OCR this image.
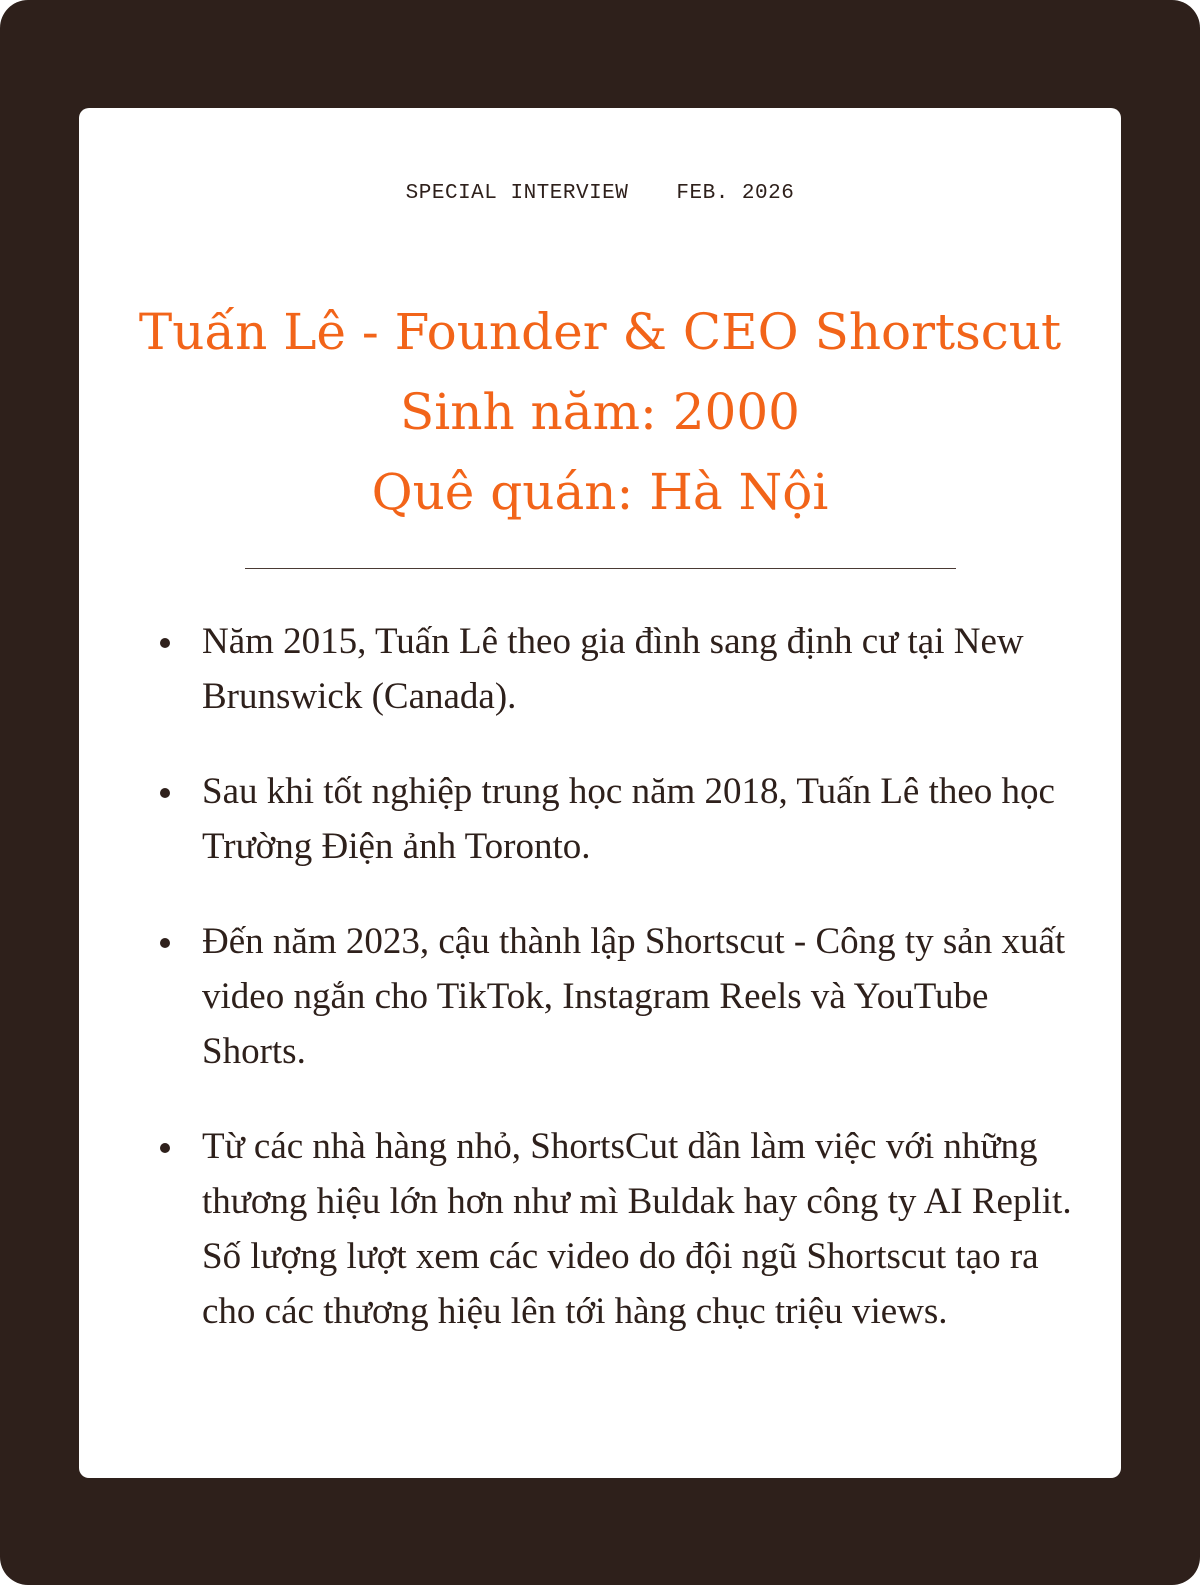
SPECIAL INTERVIEW FEB. 2026
Tuấn Lê - Founder & CEO Shortscut
Sinh năm: 2000
Quê quán: Hà Nội
Năm 2015, Tuấn Lê theo gia đình sang định cư tại New Brunswick (Canada).
Sau khi tốt nghiệp trung học năm 2018, Tuấn Lê theo học Trường Điện ảnh Toronto.
Đến năm 2023, cậu thành lập Shortscut - Công ty sản xuất video ngắn cho TikTok, Instagram Reels và YouTube Shorts.
Từ các nhà hàng nhỏ, ShortsCut dần làm việc với những thương hiệu lớn hơn như mì Buldak hay công ty AI Replit. Số lượng lượt xem các video do đội ngũ Shortscut tạo ra cho các thương hiệu lên tới hàng chục triệu views.
